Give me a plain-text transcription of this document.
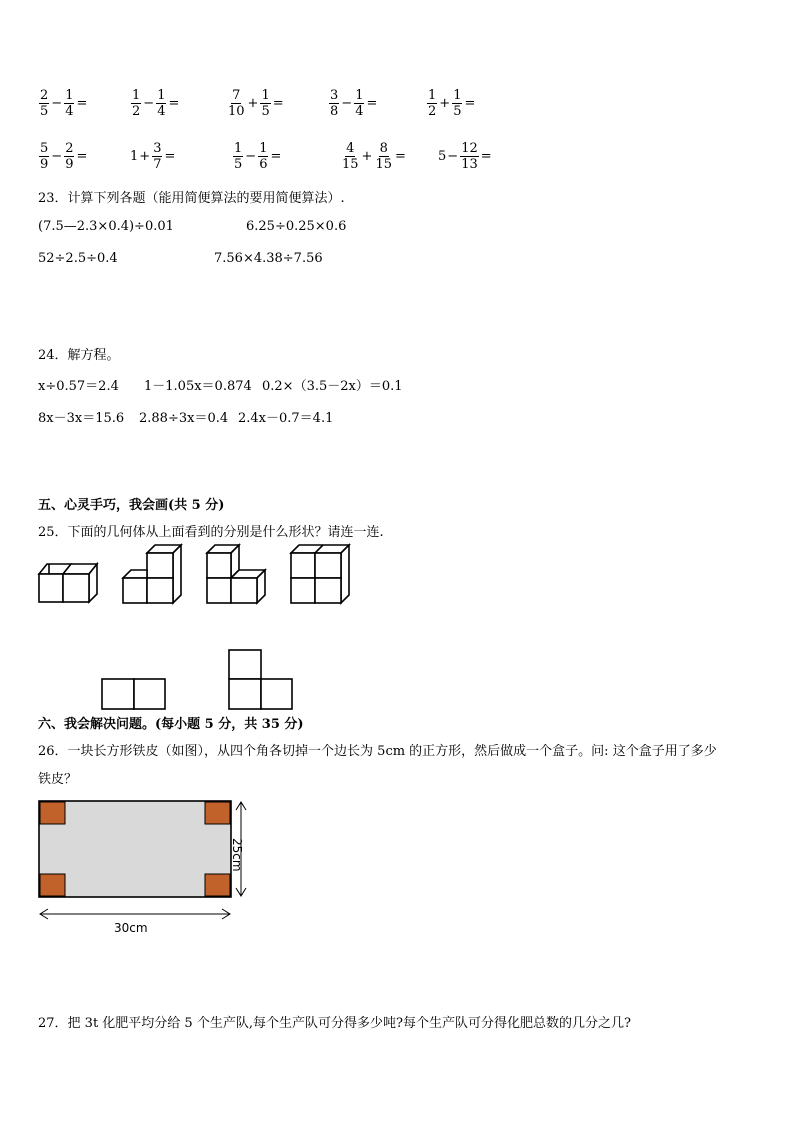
$\frac{2}{5} - \frac{1}{4}$ =	$\frac{1}{2} - \frac{1}{4}$ =	$\frac{7}{10} + \frac{1}{5}$ =	$\frac{3}{8} - \frac{1}{4}$ =	$\frac{1}{2} + \frac{1}{5}$ =
$\frac{5}{9} - \frac{2}{9}$ =	$1+ \frac{3}{7}$ =	$\frac{1}{5} - \frac{1}{6}$ =	$\frac{4}{15} + \frac{8}{15} = 5- \frac{12}{13}$ =
23．计算下列各题（能用简便算法的要用简便算法）.
(7.5—2.3×0.4)÷0.01	6.25÷0.25×0.6
52÷2.5÷0.4	7.56×4.38÷7.56
24．解方程。
x÷0.57＝2.4 1－1.05x＝0.874 0.2×（3.5－2x）＝0.1
8x－3x＝15.6 2.88÷3x＝0.4 2.4x－0.7＝4.1
五、心灵手巧，我会画(共 5 分)
25．下面的几何体从上面看到的分别是什么形状？请连一连.
六、我会解决问题。(每小题 5 分，共 35 分)
26．一块长方形铁皮（如图），从四个角各切掉一个边长为 5cm 的正方形，然后做成一个盒子。问: 这个盒子用了多少
铁皮？
25cm
30cm
27．把 3t 化肥平均分给 5 个生产队,每个生产队可分得多少吨?每个生产队可分得化肥总数的几分之几?
